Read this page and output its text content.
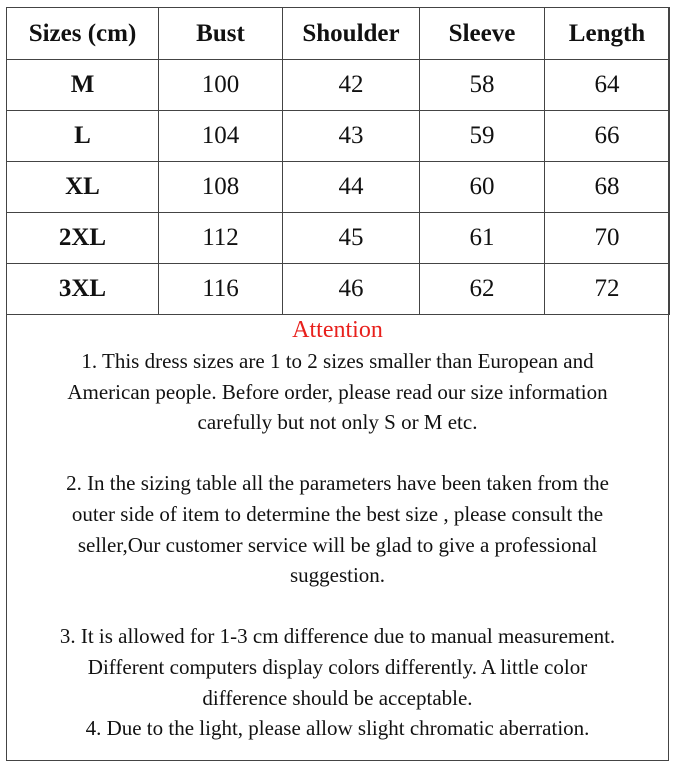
Sizes (cm)	Bust	Shoulder	Sleeve	Length
M	100	42	58	64
L	104	43	59	66
XL	108	44	60	68
2XL	112	45	61	70
3XL	116	46	62	72
Attention

1. This dress sizes are 1 to 2 sizes smaller than European and

American people. Before order, please read our size information

carefully but not only S or M etc.

2. In the sizing table all the parameters have been taken from the

outer side of item to determine the best size , please consult the

seller,Our customer service will be glad to give a professional

suggestion.

3. It is allowed for 1-3 cm difference due to manual measurement.

Different computers display colors differently. A little color

difference should be acceptable.

4. Due to the light, please allow slight chromatic aberration.
